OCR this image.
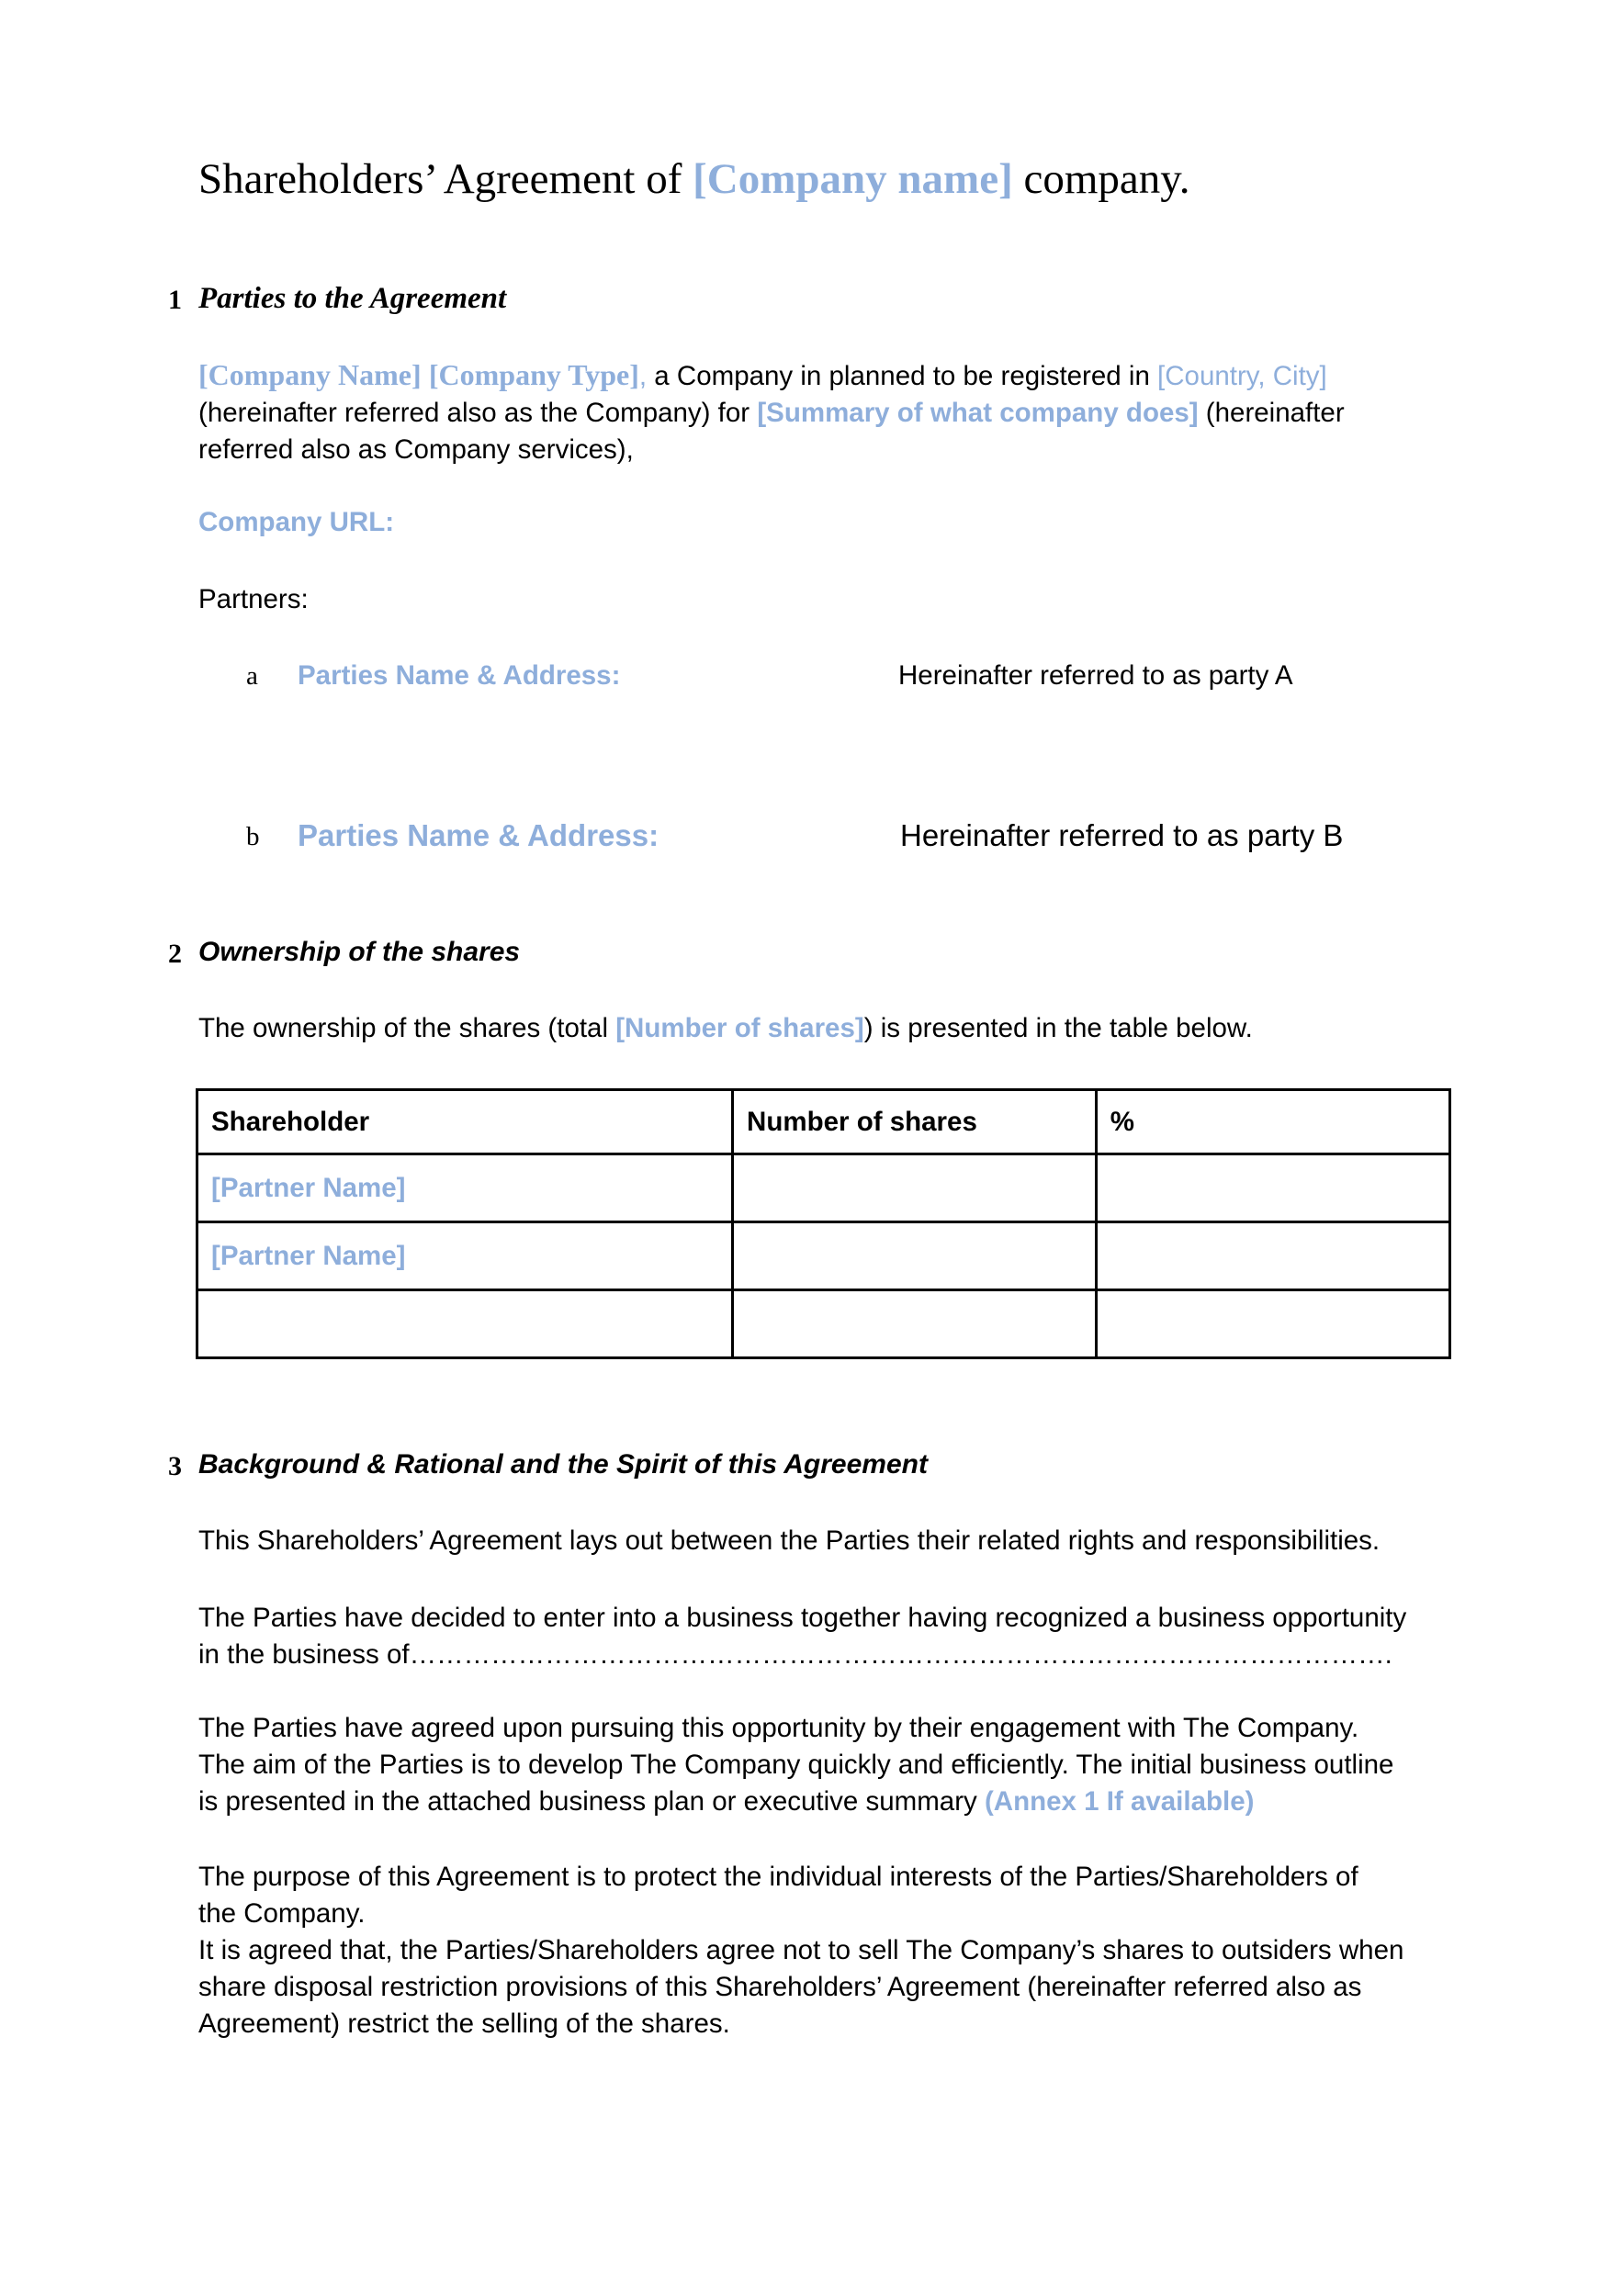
Shareholders’ Agreement of [Company name] company.
1 Parties to the Agreement
[Company Name] [Company Type], a Company in planned to be registered in [Country, City]
(hereinafter referred also as the Company) for [Summary of what company does] (hereinafter
referred also as Company services),
Company URL:
Partners:
a Parties Name & Address:	Hereinafter referred to as party A
b Parties Name & Address:	Hereinafter referred to as party B
2 Ownership of the shares
The ownership of the shares (total [Number of shares]) is presented in the table below.
Shareholder	Number of shares	%
[Partner Name]		
[Partner Name]		

3 Background & Rational and the Spirit of this Agreement
This Shareholders’ Agreement lays out between the Parties their related rights and responsibilities.
The Parties have decided to enter into a business together having recognized a business opportunity
in the business of……………………………………………………………………………………………….
The Parties have agreed upon pursuing this opportunity by their engagement with The Company.
The aim of the Parties is to develop The Company quickly and efficiently. The initial business outline
is presented in the attached business plan or executive summary (Annex 1 If available)
The purpose of this Agreement is to protect the individual interests of the Parties/Shareholders of
the Company.
It is agreed that, the Parties/Shareholders agree not to sell The Company’s shares to outsiders when
share disposal restriction provisions of this Shareholders’ Agreement (hereinafter referred also as
Agreement) restrict the selling of the shares.
